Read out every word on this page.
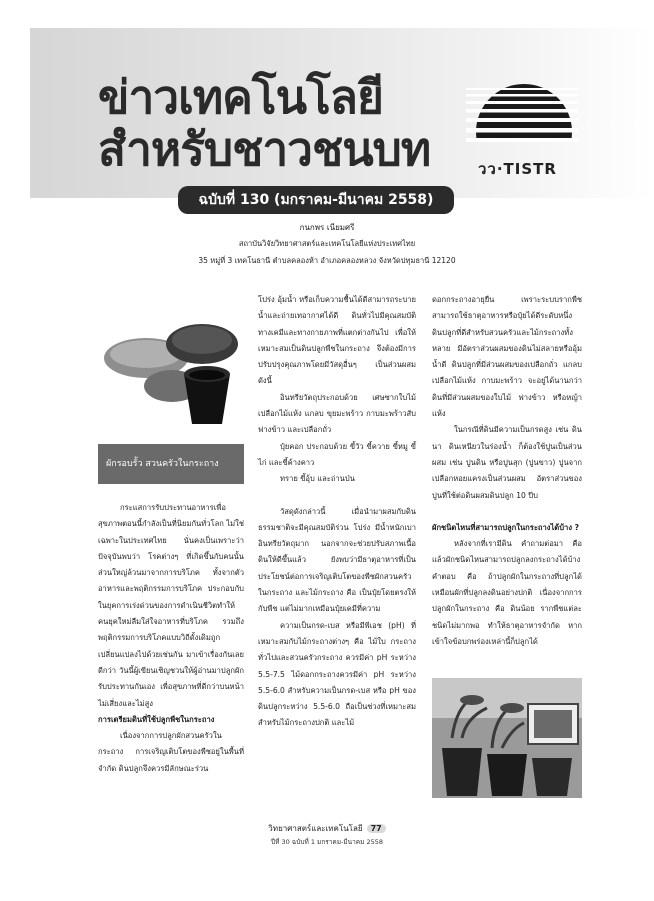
ข่าวเทคโนโลยี
สำหรับชาวชนบท	วว·TISTR
ฉบับที่ 130 (มกราคม-มีนาคม 2558)
กนกพร เนียมศรี
สถาบันวิจัยวิทยาศาสตร์และเทคโนโลยีแห่งประเทศไทย
35 หมู่ที่ 3 เทคโนธานี ตำบลคลองห้า อำเภอคลองหลวง จังหวัดปทุมธานี 12120
ผักรอบรั้ว สวนครัวในกระถาง

กระแสการรับประทานอาหารเพื่อสุขภาพตอนนี้กำลังเป็นที่นิยมกันทั่วโลก ไม่ใช่เฉพาะในประเทศไทย นั่นคงเป็นเพราะว่าปัจจุบันพบว่า โรคต่างๆ ที่เกิดขึ้นกับคนนั้นส่วนใหญ่ล้วนมาจากการบริโภค ทั้งจากตัวอาหารและพฤติกรรมการบริโภค ประกอบกับในยุคการเร่งด่วนของการดำเนินชีวิตทำให้คนยุคใหม่ลืมใส่ใจอาหารที่บริโภค รวมถึงพฤติกรรมการบริโภคแบบวิถีดั้งเดิมถูกเปลี่ยนแปลงไปด้วยเช่นกัน มาเข้าเรื่องกันเลยดีกว่า วันนี้ผู้เขียนเชิญชวนให้ผู้อ่านมาปลูกผักรับประทานกันเอง เพื่อสุขภาพที่ดีกว่าบนหน้าไม่เสี่ยงและไม่สูง

การเตรียมดินที่ใช้ปลูกพืชในกระถาง

เนื่องจากการปลูกผักสวนครัวในกระถาง การเจริญเติบโตของพืชอยู่ในพื้นที่จำกัด ดินปลูกจึงควรมีลักษณะร่วน

โปร่ง อุ้มน้ำ หรือเก็บความชื้นได้ดีสามารถระบายน้ำและถ่ายเทอากาศได้ดี ดินทั่วไปมีคุณสมบัติทางเคมีและทางกายภาพที่แตกต่างกันไป เพื่อให้เหมาะสมเป็นดินปลูกพืชในกระถาง จึงต้องมีการปรับปรุงคุณภาพโดยมีวัสดุอื่นๆ เป็นส่วนผสม ดังนี้

อินทรียวัตถุประกอบด้วย เศษซากใบไม้ เปลือกไม้แห้ง แกลบ ขุยมะพร้าว กาบมะพร้าวสับ ฟางข้าว และเปลือกถั่ว

ปุ๋ยคอก ประกอบด้วย ขี้วัว ขี้ควาย ขี้หมู ขี้ไก่ และขี้ค้างคาว

ทราย ขี้อุ้บ และถ่านป่น

วัสดุดังกล่าวนี้ เมื่อนำมาผสมกับดินธรรมชาติจะมีคุณสมบัติร่วน โปร่ง มีน้ำหนักเบา อินทรียวัตถุมาก นอกจากจะช่วยปรับสภาพเนื้อดินให้ดีขึ้นแล้ว ยังพบว่ามีธาตุอาหารที่เป็นประโยชน์ต่อการเจริญเติบโตของพืชผักสวนครัวในกระถาง และไม้กระถาง คือ เป็นปุ๋ยโดยตรงให้กับพืช แต่ไม่มากเหมือนปุ๋ยเคมีที่ความ

ความเป็นกรด-เบส หรือมีพีเอช (pH) ที่เหมาะสมกับไม้กระถางต่างๆ คือ ไม้ใบ กระถางทั่วไปและสวนครัวกระถาง ควรมีค่า pH ระหว่าง 5.5-7.5 ไม้ดอกกระถางควรมีค่า pH ระหว่าง 5.5-6.0 สำหรับความเป็นกรด-เบส หรือ pH ของดินปลูกระหว่าง 5.5-6.0 ถือเป็นช่วงที่เหมาะสมสำหรับไม้กระถางปกติ และไม้

ดอกกระถางอายุยืน เพราะระบบรากพืชสามารถใช้ธาตุอาหารหรือปุ๋ยได้ดีระดับหนึ่ง ดินปลูกที่ดีสำหรับสวนครัวและไม้กระถางทั้งหลาย มีอัตราส่วนผสมของดินไม่สลายหรืออุ้มน้ำดี ดินปลูกที่มีส่วนผสมของเปลือกถั่ว แกลบ เปลือกไม้แห้ง กาบมะพร้าว จะอยู่ได้นานกว่าดินที่มีส่วนผสมของใบไม้ ฟางข้าว หรือหญ้าแห้ง

ในกรณีที่ดินมีความเป็นกรดสูง เช่น ดินนา ดินเหนียวในร่องน้ำ ก็ต้องใช้ปูนเป็นส่วนผสม เช่น ปูนดิน หรือปูนสุก (ปูนขาว) ปูนจากเปลือกหอยแครงเป็นส่วนผสม อัตราส่วนของปูนที่ใช้ต่อดินผสมดินปลูก 10 ปีบ

ผักชนิดไหนที่สามารถปลูกในกระถางได้บ้าง ?

หลังจากที่เรามีดิน คำถามต่อมา คือ แล้วผักชนิดไหนสามารถปลูกลงกระถางได้บ้าง คำตอบ คือ ถ้าปลูกผักในกระถางที่ปลูกได้เหมือนผักที่ปลูกลงดินอย่างปกติ เนื่องจากการปลูกผักในกระถาง คือ ดินน้อย รากพืชแต่ละชนิดไม่มากพอ ทำให้ธาตุอาหารจำกัด หากเข้าใจข้อบกพร่องเหล่านี้ก็ปลูกได้

วิทยาศาสตร์และเทคโนโลยี 77
ปีที่ 30 ฉบับที่ 1 มกราคม-มีนาคม 2558
